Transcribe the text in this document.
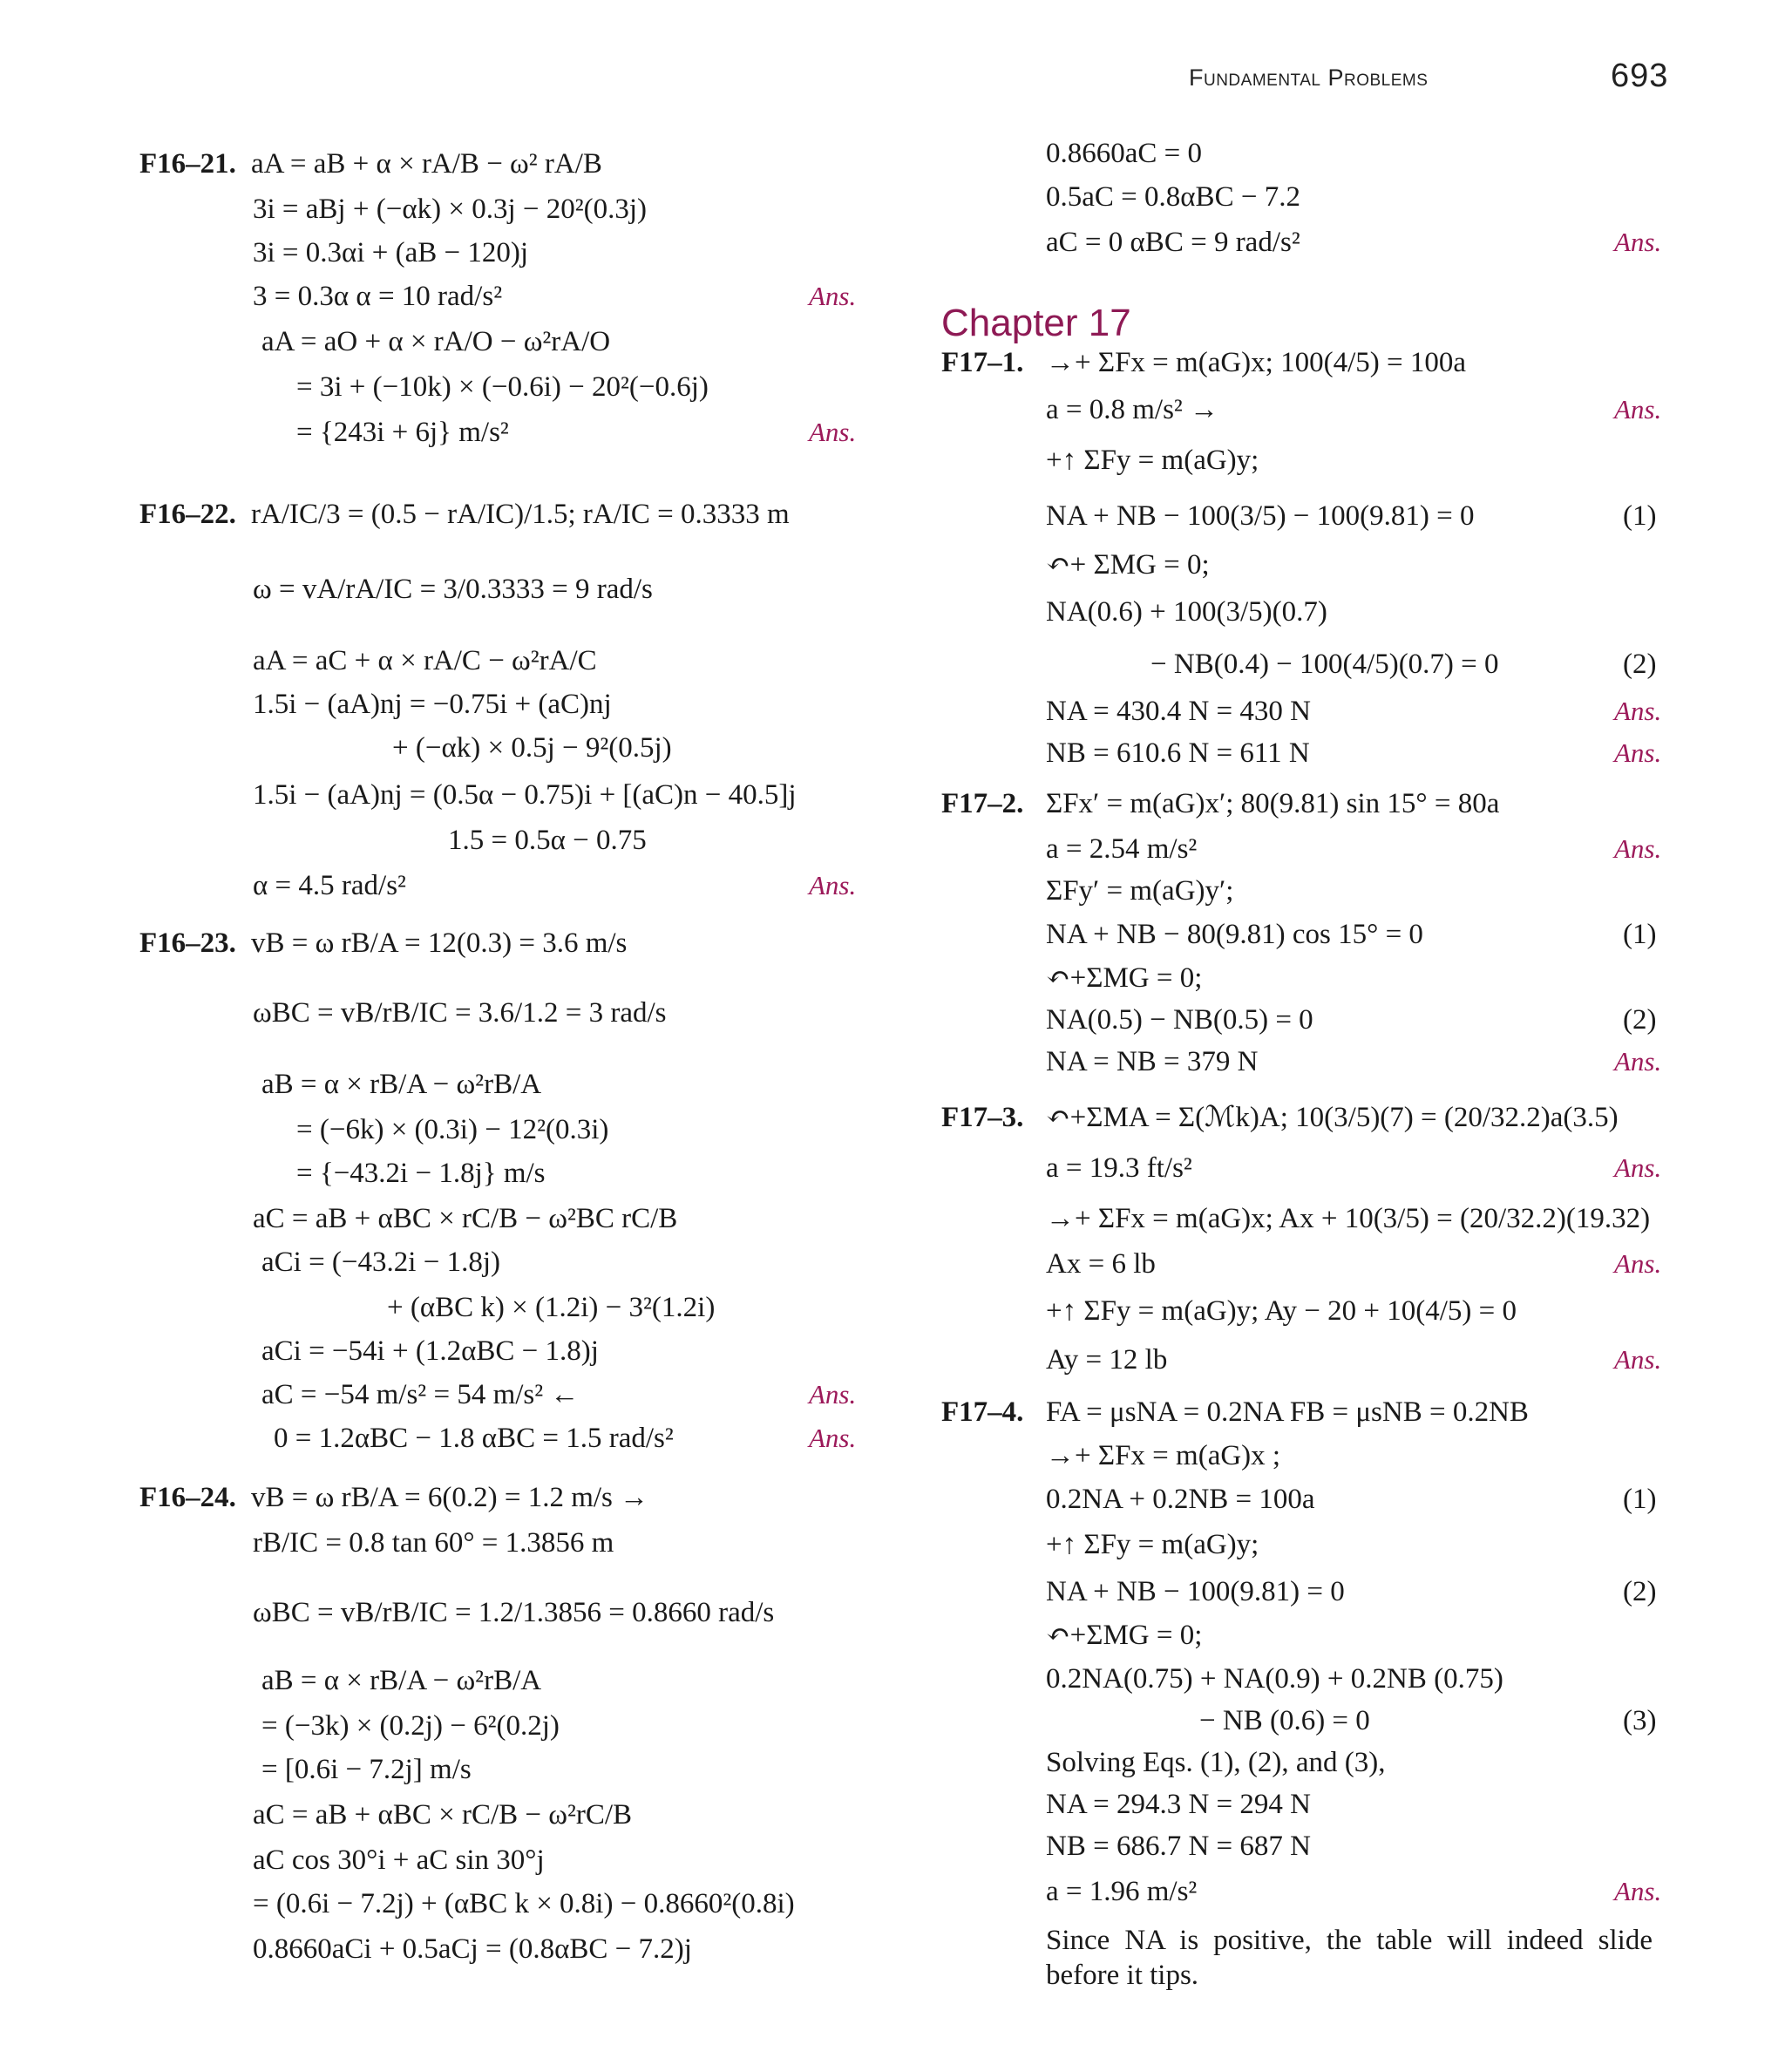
Fundamental Problems	693
F16–21. aA = aB + α × rA/B − ω² rA/B
3i = aBj + (−αk) × 0.3j − 20²(0.3j)
3i = 0.3αi + (aB − 120)j
3 = 0.3α α = 10 rad/s²	Ans.
aA = aO + α × rA/O − ω²rA/O
= 3i + (−10k) × (−0.6i) − 20²(−0.6j)
= {243i + 6j} m/s²	Ans.
F16–22. rA/IC/3 = (0.5 − rA/IC)/1.5; rA/IC = 0.3333 m
ω = vA/rA/IC = 3/0.3333 = 9 rad/s
aA = aC + α × rA/C − ω²rA/C
1.5i − (aA)nj = −0.75i + (aC)nj
+ (−αk) × 0.5j − 9²(0.5j)
1.5i − (aA)nj = (0.5α − 0.75)i + [(aC)n − 40.5]j
1.5 = 0.5α − 0.75
α = 4.5 rad/s²	Ans.
F16–23. vB = ω rB/A = 12(0.3) = 3.6 m/s
ωBC = vB/rB/IC = 3.6/1.2 = 3 rad/s
aB = α × rB/A − ω²rB/A
= (−6k) × (0.3i) − 12²(0.3i)
= {−43.2i − 1.8j} m/s
aC = aB + αBC × rC/B − ω²BC rC/B
aCi = (−43.2i − 1.8j)
+ (αBC k) × (1.2i) − 3²(1.2i)
aCi = −54i + (1.2αBC − 1.8)j
aC = −54 m/s² = 54 m/s² ←	Ans.
0 = 1.2αBC − 1.8 αBC = 1.5 rad/s²	Ans.
F16–24. vB = ω rB/A = 6(0.2) = 1.2 m/s →
rB/IC = 0.8 tan 60° = 1.3856 m
ωBC = vB/rB/IC = 1.2/1.3856 = 0.8660 rad/s
aB = α × rB/A − ω²rB/A
= (−3k) × (0.2j) − 6²(0.2j)
= [0.6i − 7.2j] m/s
aC = aB + αBC × rC/B − ω²rC/B
aC cos 30°i + aC sin 30°j
= (0.6i − 7.2j) + (αBC k × 0.8i) − 0.8660²(0.8i)
0.8660aCi + 0.5aCj = (0.8αBC − 7.2)j
Chapter 17
0.8660aC = 0
0.5aC = 0.8αBC − 7.2
aC = 0 αBC = 9 rad/s²	Ans.
F17–1. →+ ΣFx = m(aG)x; 100(4/5) = 100a
a = 0.8 m/s² →	Ans.
+↑ ΣFy = m(aG)y;
NA + NB − 100(3/5) − 100(9.81) = 0	(1)
↶+ ΣMG = 0;
NA(0.6) + 100(3/5)(0.7)
− NB(0.4) − 100(4/5)(0.7) = 0	(2)
NA = 430.4 N = 430 N	Ans.
NB = 610.6 N = 611 N	Ans.
F17–2. ΣFx′ = m(aG)x′; 80(9.81) sin 15° = 80a
a = 2.54 m/s²	Ans.
ΣFy′ = m(aG)y′;
NA + NB − 80(9.81) cos 15° = 0	(1)
↶+ΣMG = 0;
NA(0.5) − NB(0.5) = 0	(2)
NA = NB = 379 N	Ans.
F17–3. ↶+ΣMA = Σ(ℳk)A; 10(3/5)(7) = (20/32.2)a(3.5)
a = 19.3 ft/s²	Ans.
→+ ΣFx = m(aG)x; Ax + 10(3/5) = (20/32.2)(19.32)
Ax = 6 lb	Ans.
+↑ ΣFy = m(aG)y; Ay − 20 + 10(4/5) = 0
Ay = 12 lb	Ans.
F17–4. FA = μsNA = 0.2NA FB = μsNB = 0.2NB
→+ ΣFx = m(aG)x ;
0.2NA + 0.2NB = 100a	(1)
+↑ ΣFy = m(aG)y;
NA + NB − 100(9.81) = 0	(2)
↶+ΣMG = 0;
0.2NA(0.75) + NA(0.9) + 0.2NB (0.75)
− NB (0.6) = 0	(3)
Solving Eqs. (1), (2), and (3),
NA = 294.3 N = 294 N
NB = 686.7 N = 687 N
a = 1.96 m/s²	Ans.
Since NA is positive, the table will indeed slide before it tips.
